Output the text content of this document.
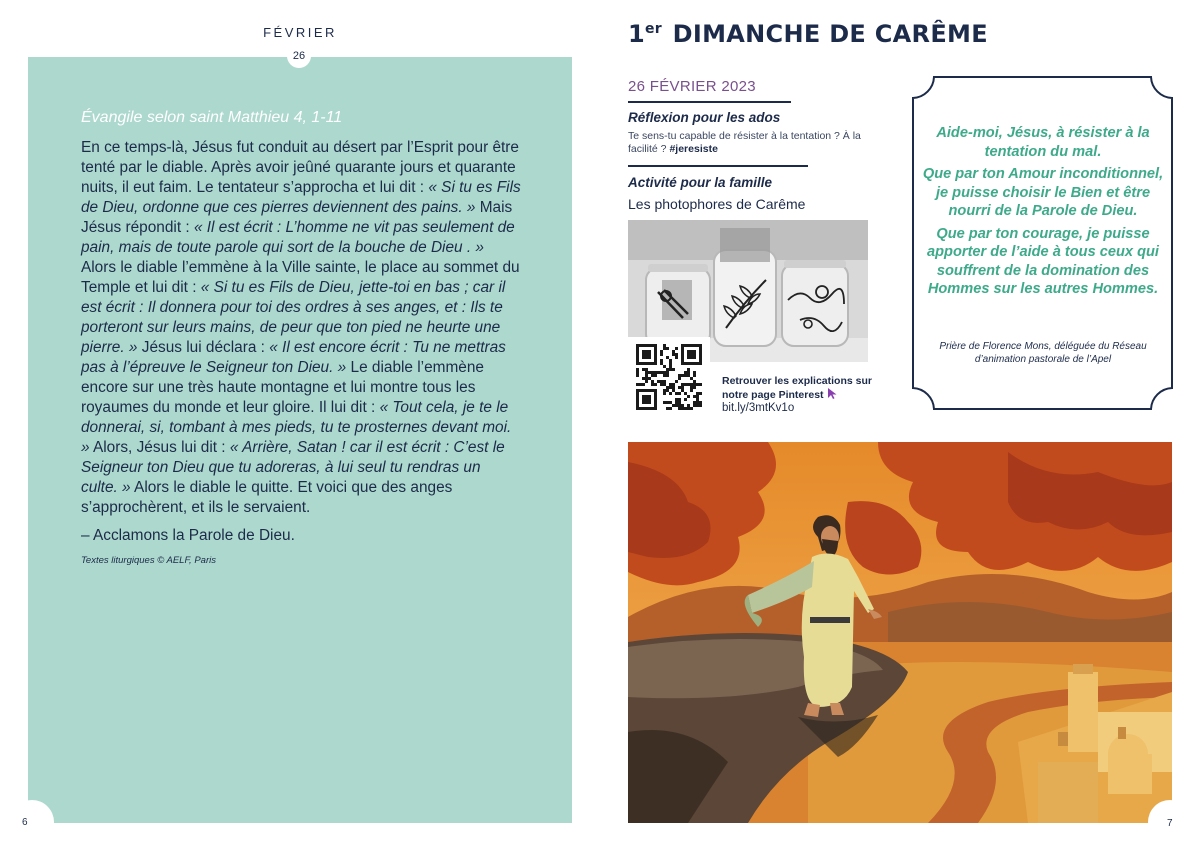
FÉVRIER
Évangile selon saint Matthieu 4, 1-11
En ce temps-là, Jésus fut conduit au désert par l’Esprit pour être tenté par le diable. Après avoir jeûné quarante jours et quarante nuits, il eut faim. Le tentateur s’approcha et lui dit : « Si tu es Fils de Dieu, ordonne que ces pierres deviennent des pains. » Mais Jésus répondit : « Il est écrit : L’homme ne vit pas seulement de pain, mais de toute parole qui sort de la bouche de Dieu . » Alors le diable l’emmène à la Ville sainte, le place au sommet du Temple et lui dit : « Si tu es Fils de Dieu, jette-toi en bas ; car il est écrit : Il donnera pour toi des ordres à ses anges, et : Ils te porteront sur leurs mains, de peur que ton pied ne heurte une pierre. » Jésus lui déclara : « Il est encore écrit : Tu ne mettras pas à l’épreuve le Seigneur ton Dieu. » Le diable l’emmène encore sur une très haute montagne et lui montre tous les royaumes du monde et leur gloire. Il lui dit : « Tout cela, je te le donnerai, si, tombant à mes pieds, tu te prosternes devant moi. » Alors, Jésus lui dit : « Arrière, Satan ! car il est écrit : C’est le Seigneur ton Dieu que tu adoreras, à lui seul tu rendras un culte. » Alors le diable le quitte. Et voici que des anges s’approchèrent, et ils le servaient.
– Acclamons la Parole de Dieu.
Textes liturgiques © AELF, Paris
26
6
1er DIMANCHE DE CARÊME
26 FÉVRIER 2023
Réflexion pour les ados
Te sens-tu capable de résister à la tentation ? À la facilité ? #jeresiste
Activité pour la famille
Les photophores de Carême
Retrouver les explications sur notre page Pinterest
bit.ly/3mtKv1o

Aide-moi, Jésus, à résister à la tentation du mal.

Que par ton Amour inconditionnel, je puisse choisir le Bien et être nourri de la Parole de Dieu.

Que par ton courage, je puisse apporter de l’aide à tous ceux qui souffrent de la domination des Hommes sur les autres Hommes.

Prière de Florence Mons, déléguée du Réseau d’animation pastorale de l’Apel
7
